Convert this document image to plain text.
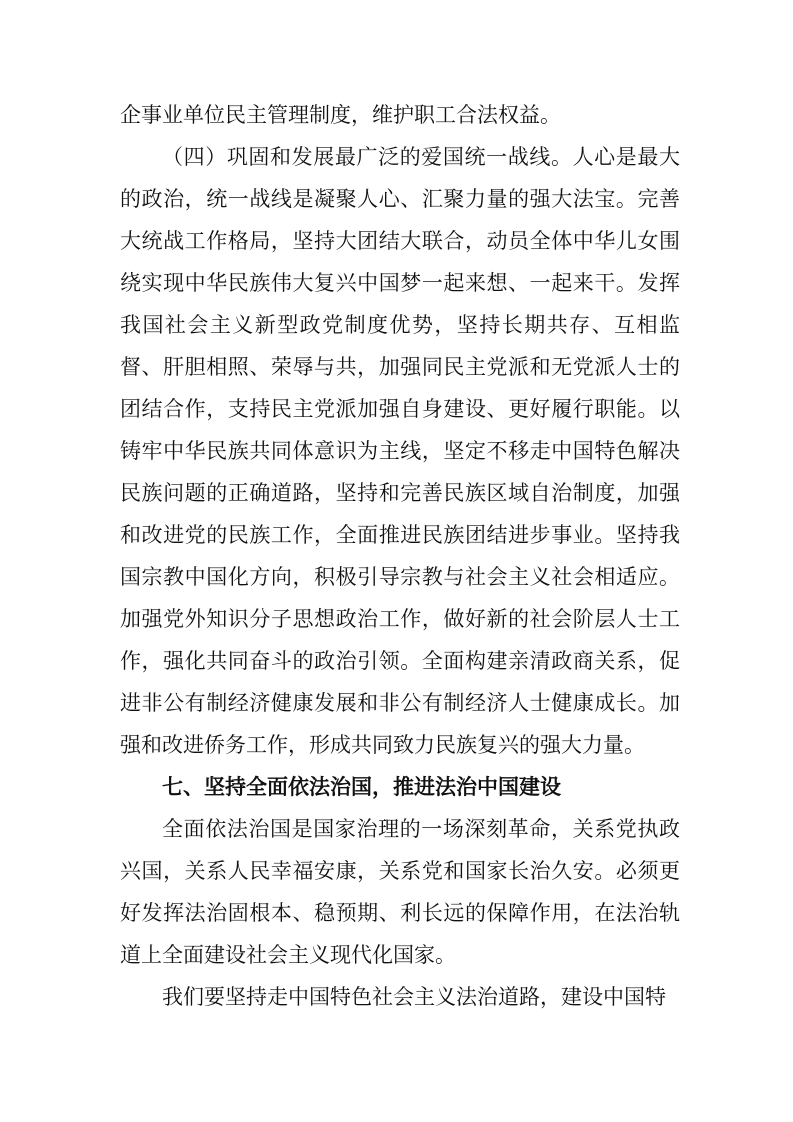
企事业单位民主管理制度，维护职工合法权益。

（四）巩固和发展最广泛的爱国统一战线。人心是最大的政治，统一战线是凝聚人心、汇聚力量的强大法宝。完善大统战工作格局，坚持大团结大联合，动员全体中华儿女围绕实现中华民族伟大复兴中国梦一起来想、一起来干。发挥我国社会主义新型政党制度优势，坚持长期共存、互相监督、肝胆相照、荣辱与共，加强同民主党派和无党派人士的团结合作，支持民主党派加强自身建设、更好履行职能。以铸牢中华民族共同体意识为主线，坚定不移走中国特色解决民族问题的正确道路，坚持和完善民族区域自治制度，加强和改进党的民族工作，全面推进民族团结进步事业。坚持我国宗教中国化方向，积极引导宗教与社会主义社会相适应。加强党外知识分子思想政治工作，做好新的社会阶层人士工作，强化共同奋斗的政治引领。全面构建亲清政商关系，促进非公有制经济健康发展和非公有制经济人士健康成长。加强和改进侨务工作，形成共同致力民族复兴的强大力量。

七、坚持全面依法治国，推进法治中国建设

全面依法治国是国家治理的一场深刻革命，关系党执政兴国，关系人民幸福安康，关系党和国家长治久安。必须更好发挥法治固根本、稳预期、利长远的保障作用，在法治轨道上全面建设社会主义现代化国家。

我们要坚持走中国特色社会主义法治道路，建设中国特
